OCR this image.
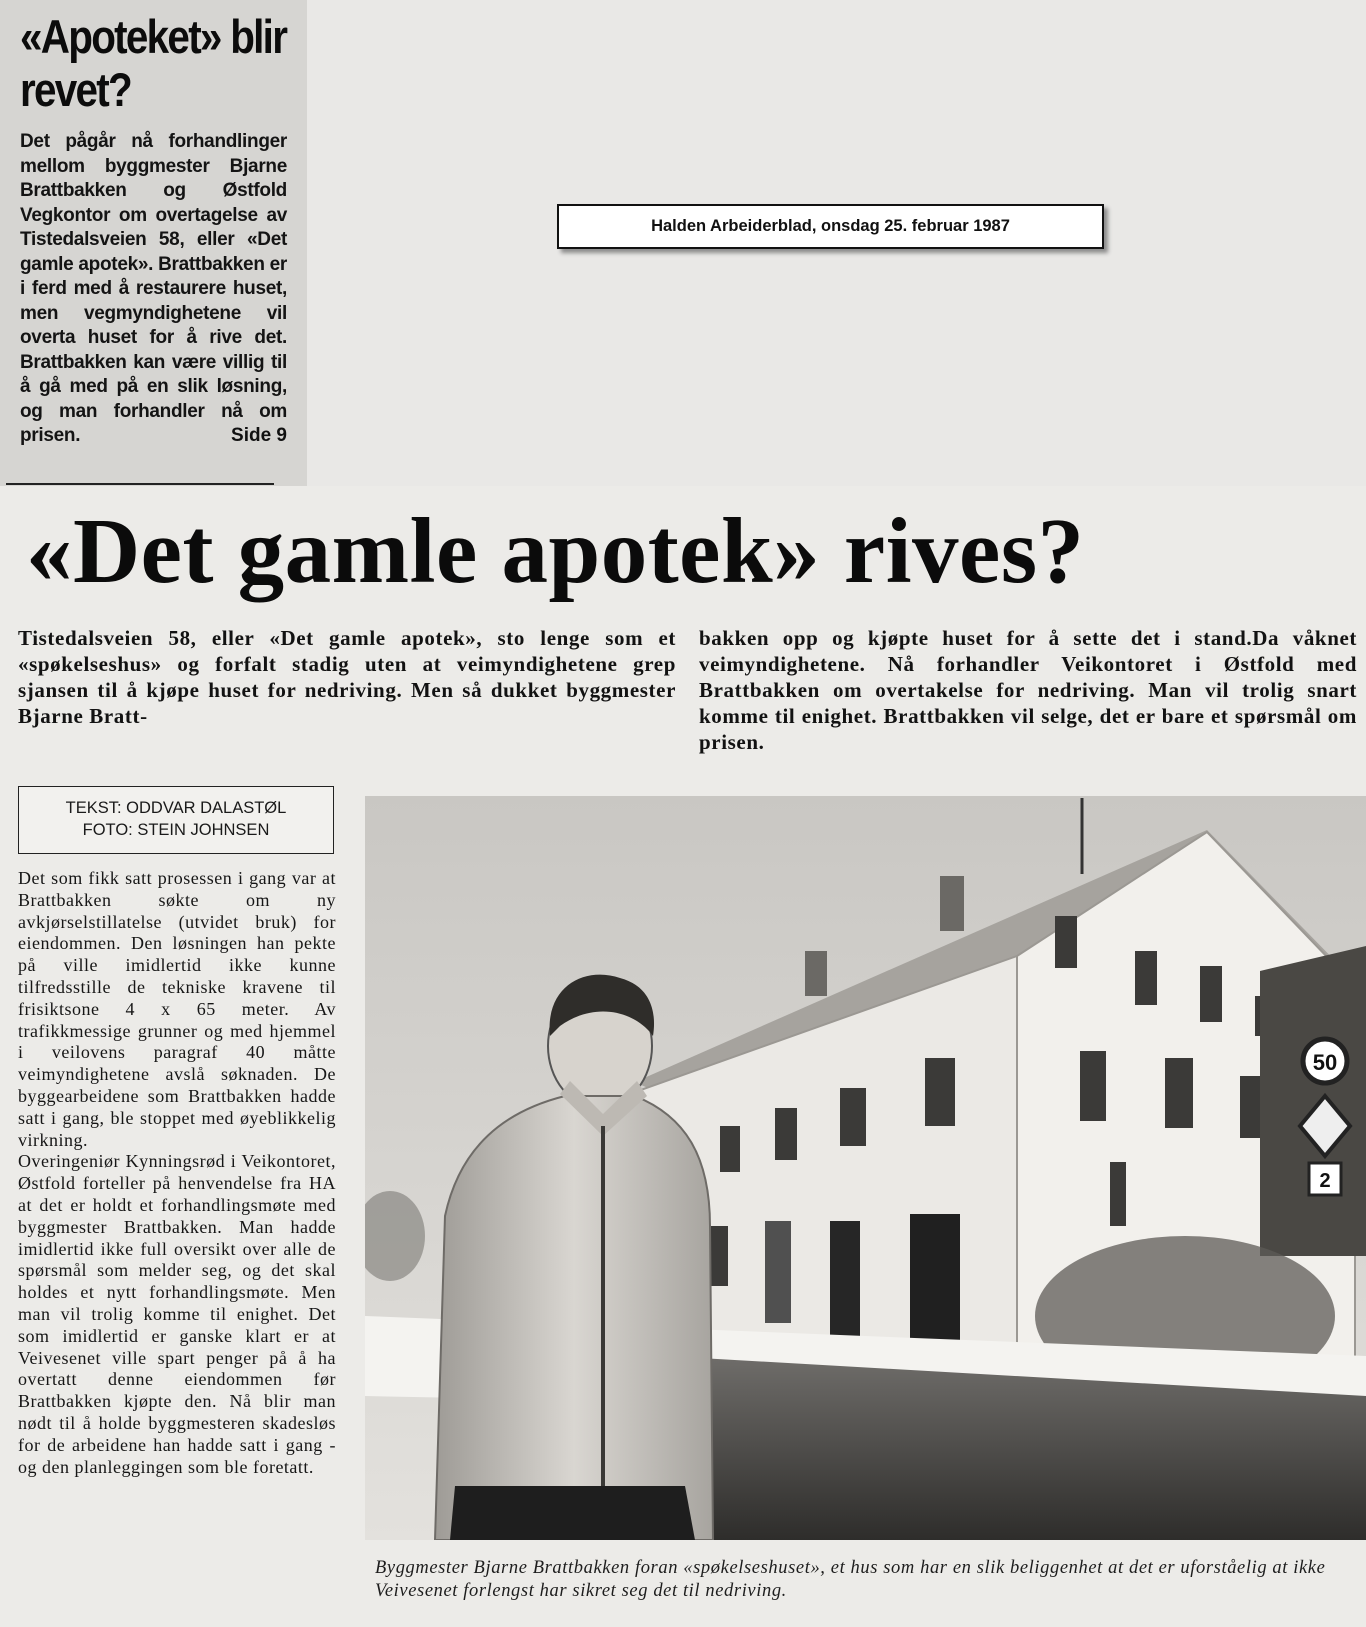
«Apoteket» blir revet?

Det pågår nå forhandlinger mellom byggmester Bjarne Brattbakken og Østfold Vegkontor om overtagelse av Tistedalsveien 58, eller «Det gamle apotek». Brattbakken er i ferd med å restaurere huset, men vegmyndighetene vil overta huset for å rive det. Brattbakken kan være villig til å gå med på en slik løsning, og man forhandler nå om prisen.	Side 9
Halden Arbeiderblad, onsdag 25. februar 1987
«Det gamle apotek» rives?
Tistedalsveien 58, eller «Det gamle apotek», sto lenge som et «spøkelseshus» og forfalt stadig uten at veimyndighetene grep sjansen til å kjøpe huset for nedriving. Men så dukket byggmester Bjarne Bratt-
bakken opp og kjøpte huset for å sette det i stand.Da våknet veimyndighetene. Nå forhandler Veikontoret i Østfold med Brattbakken om overtakelse for nedriving. Man vil trolig snart komme til enighet. Brattbakken vil selge, det er bare et spørsmål om prisen.
TEKST: ODDVAR DALASTØL
FOTO: STEIN JOHNSEN

Det som fikk satt prosessen i gang var at Brattbakken søkte om ny avkjørselstillatelse (utvidet bruk) for eiendommen. Den løsningen han pekte på ville imidlertid ikke kunne tilfredsstille de tekniske kravene til frisiktsone 4 x 65 meter. Av trafikkmessige grunner og med hjemmel i veilovens paragraf 40 måtte veimyndighetene avslå søknaden. De byggearbeidene som Brattbakken hadde satt i gang, ble stoppet med øyeblikkelig virkning.

Overingeniør Kynningsrød i Veikontoret, Østfold forteller på henvendelse fra HA at det er holdt et forhandlingsmøte med byggmester Brattbakken. Man hadde imidlertid ikke full oversikt over alle de spørsmål som melder seg, og det skal holdes et nytt forhandlingsmøte. Men man vil trolig komme til enighet. Det som imidlertid er ganske klart er at Veivesenet ville spart penger på å ha overtatt denne eiendommen før Brattbakken kjøpte den. Nå blir man nødt til å holde byggmesteren skadesløs for de arbeidene han hadde satt i gang - og den planleggingen som ble foretatt.

50
2
Byggmester Bjarne Brattbakken foran «spøkelseshuset», et hus som har en slik beliggenhet at det er uforståelig at ikke Veivesenet forlengst har sikret seg det til nedriving.
